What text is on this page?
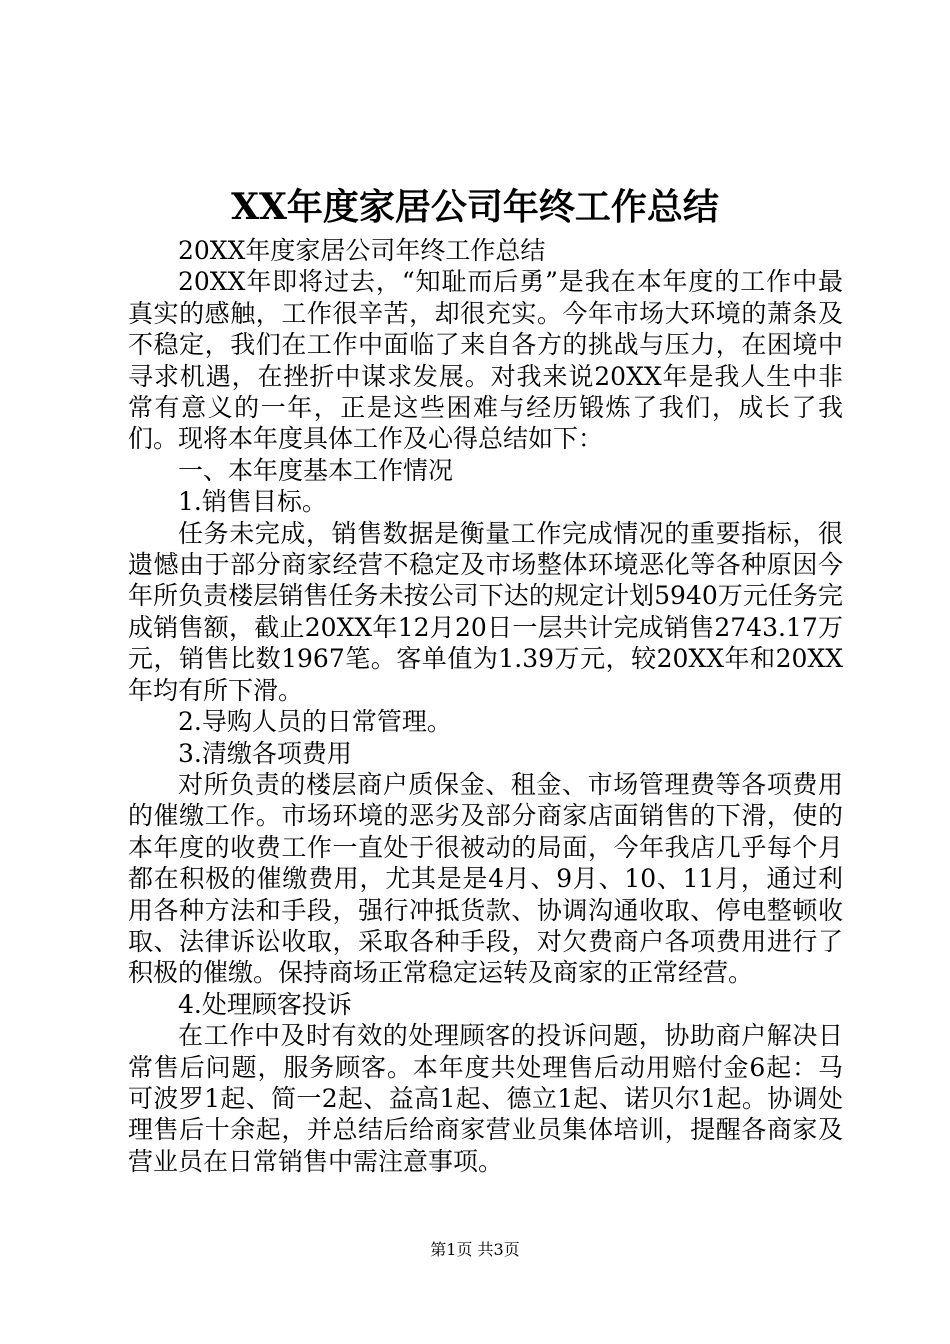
XX年度家居公司年终工作总结

20XX年度家居公司年终工作总结

20XX年即将过去，“知耻而后勇”是我在本年度的工作中最真实的感触，工作很辛苦，却很充实。今年市场大环境的萧条及不稳定，我们在工作中面临了来自各方的挑战与压力，在困境中寻求机遇，在挫折中谋求发展。对我来说20XX年是我人生中非常有意义的一年，正是这些困难与经历锻炼了我们，成长了我们。现将本年度具体工作及心得总结如下：

一、本年度基本工作情况

1.销售目标。

任务未完成，销售数据是衡量工作完成情况的重要指标，很遗憾由于部分商家经营不稳定及市场整体环境恶化等各种原因今年所负责楼层销售任务未按公司下达的规定计划5940万元任务完成销售额，截止20XX年12月20日一层共计完成销售2743.17万元，销售比数1967笔。客单值为1.39万元，较20XX年和20XX年均有所下滑。

2.导购人员的日常管理。

3.清缴各项费用

对所负责的楼层商户质保金、租金、市场管理费等各项费用的催缴工作。市场环境的恶劣及部分商家店面销售的下滑，使的本年度的收费工作一直处于很被动的局面，今年我店几乎每个月都在积极的催缴费用，尤其是是4月、9月、10、11月，通过利用各种方法和手段，强行冲抵货款、协调沟通收取、停电整顿收取、法律诉讼收取，采取各种手段，对欠费商户各项费用进行了积极的催缴。保持商场正常稳定运转及商家的正常经营。

4.处理顾客投诉

在工作中及时有效的处理顾客的投诉问题，协助商户解决日常售后问题，服务顾客。本年度共处理售后动用赔付金6起：马可波罗1起、简一2起、益高1起、德立1起、诺贝尔1起。协调处理售后十余起，并总结后给商家营业员集体培训，提醒各商家及营业员在日常销售中需注意事项。

第1页 共3页
